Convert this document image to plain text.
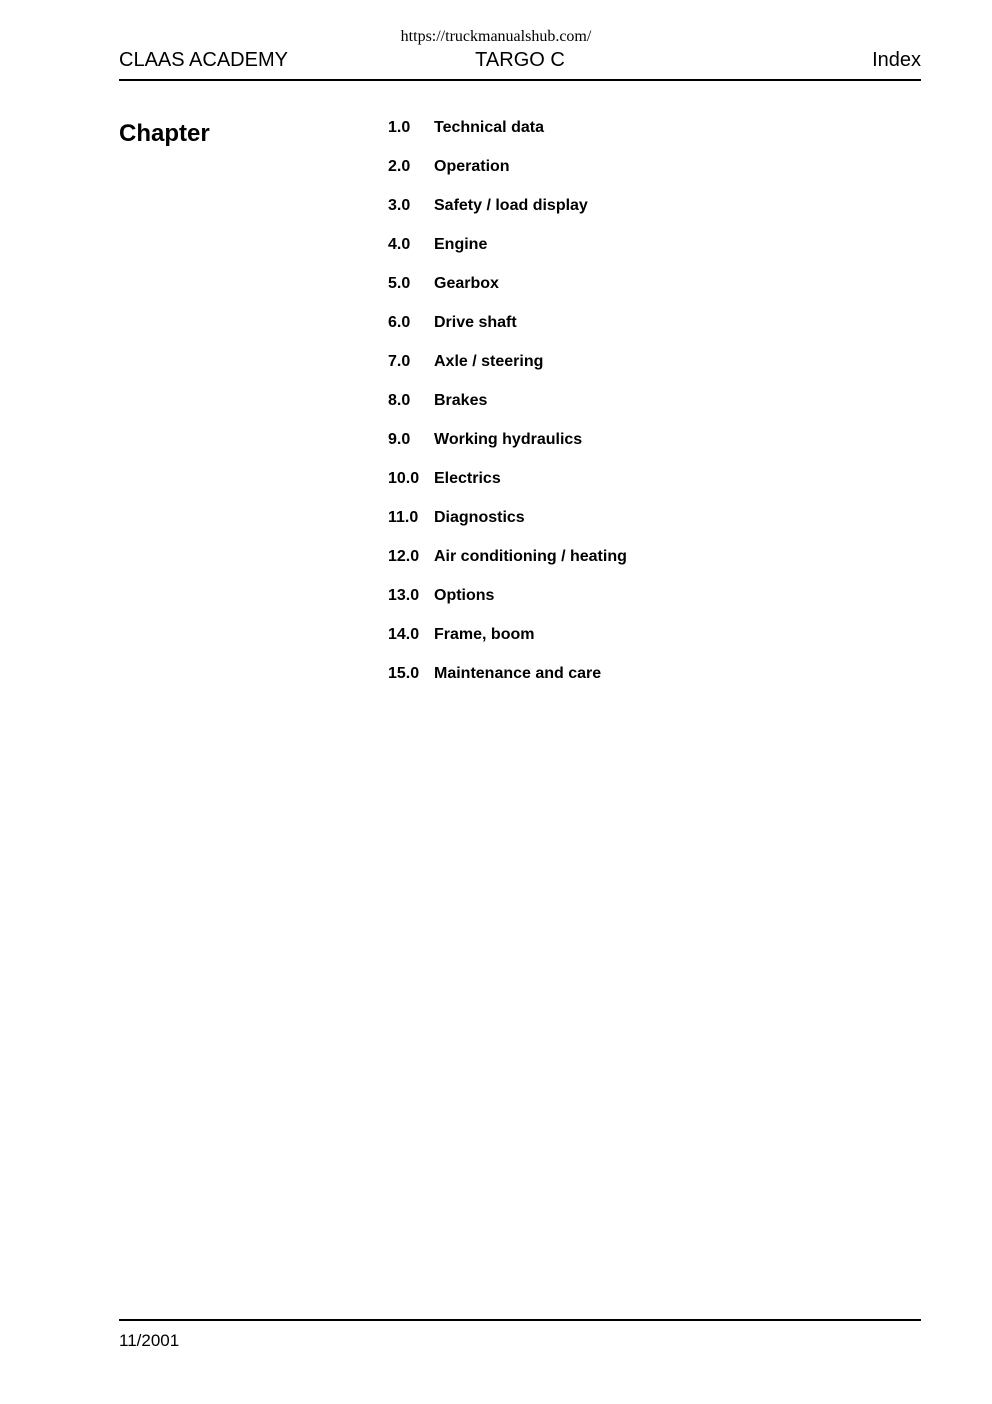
https://truckmanualshub.com/
TARGO C
CLAAS ACADEMY	Index
Chapter	1.0 Technical data
2.0 Operation
3.0 Safety / load display
4.0 Engine
5.0 Gearbox
6.0 Drive shaft
7.0 Axle / steering
8.0 Brakes
9.0 Working hydraulics
10.0 Electrics
11.0 Diagnostics
12.0 Air conditioning / heating
13.0 Options
14.0 Frame, boom
15.0 Maintenance and care
11/2001
